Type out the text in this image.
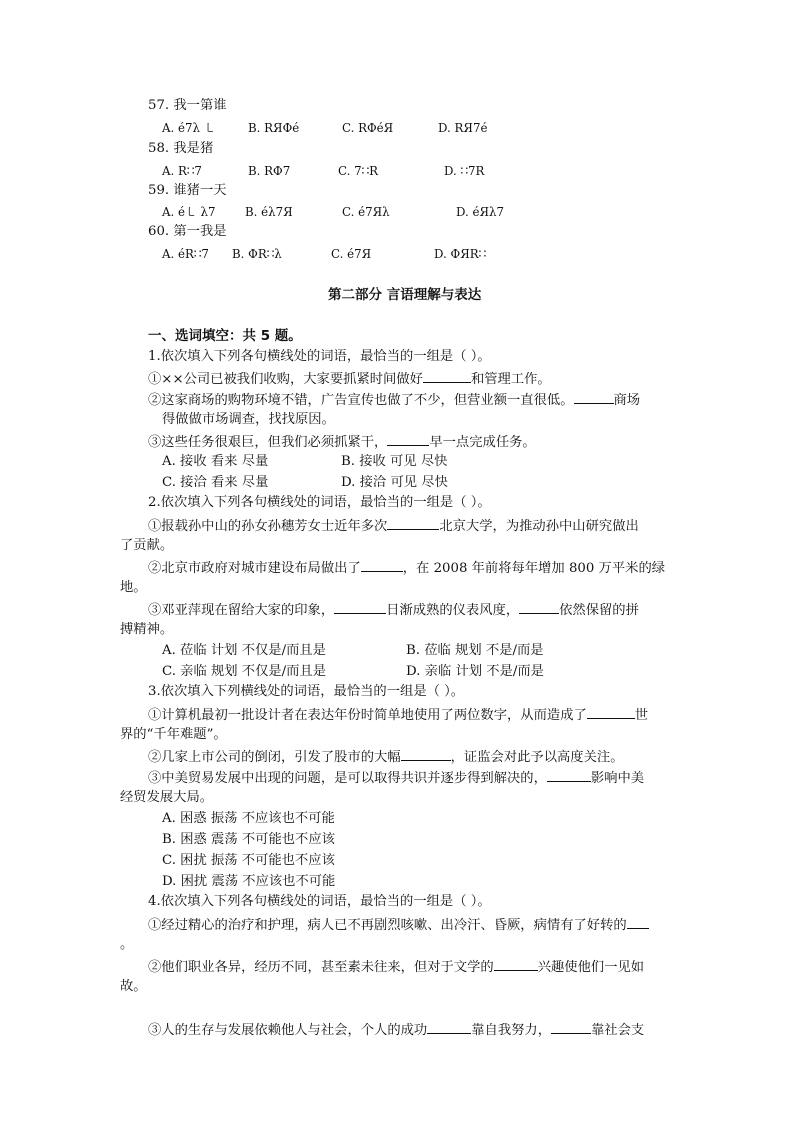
57. 我一第谁
A. é7λ ㇄	B. RЯΦé	C. RΦéЯ	D. RЯ7é
58. 我是猪
A. R∷7	B. RΦ7	C. 7∷R	D. ∷7R
59. 谁猪一天
A. é㇄ λ7 B. éλ7Я	C. é7Яλ	D. éЯλ7
60. 第一我是
A. éR∷7 B. ΦR∷λ	C. é7Я	D. ΦЯR∷
第二部分 言语理解与表达
一、选词填空：共 5 题。
1.依次填入下列各句横线处的词语，最恰当的一组是（ ）。
①××公司已被我们收购，大家要抓紧时间做好	和管理工作。
②这家商场的购物环境不错，广告宣传也做了不少，但营业额一直很低。	商场
得做做市场调查，找找原因。
③这些任务很艰巨，但我们必须抓紧干，	早一点完成任务。
A. 接收 看来 尽量	B. 接收 可见 尽快
C. 接洽 看来 尽量	D. 接洽 可见 尽快
2.依次填入下列各句横线处的词语，最恰当的一组是（ ）。
①报载孙中山的孙女孙穗芳女士近年多次	北京大学，为推动孙中山研究做出
了贡献。
②北京市政府对城市建设布局做出了	，在 2008 年前将每年增加 800 万平米的绿
地。
③邓亚萍现在留给大家的印象，	日渐成熟的仪表风度，	依然保留的拼
搏精神。
A. 莅临 计划 不仅是/而且是	B. 莅临 规划 不是/而是
C. 亲临 规划 不仅是/而且是	D. 亲临 计划 不是/而是
3.依次填入下列横线处的词语，最恰当的一组是（ ）。
①计算机最初一批设计者在表达年份时简单地使用了两位数字，从而造成了	世
界的“千年难题”。
②几家上市公司的倒闭，引发了股市的大幅	，证监会对此予以高度关注。
③中美贸易发展中出现的问题，是可以取得共识并逐步得到解决的，	影响中美
经贸发展大局。
A. 困惑 振荡 不应该也不可能
B. 困惑 震荡 不可能也不应该
C. 困扰 振荡 不可能也不应该
D. 困扰 震荡 不应该也不可能
4.依次填入下列各句横线处的词语，最恰当的一组是（ ）。
①经过精心的治疗和护理，病人已不再剧烈咳嗽、出冷汗、昏厥，病情有了好转的
。
②他们职业各异，经历不同，甚至素未往来，但对于文学的	兴趣使他们一见如
故。
③人的生存与发展依赖他人与社会，个人的成功	靠自我努力，	靠社会支
